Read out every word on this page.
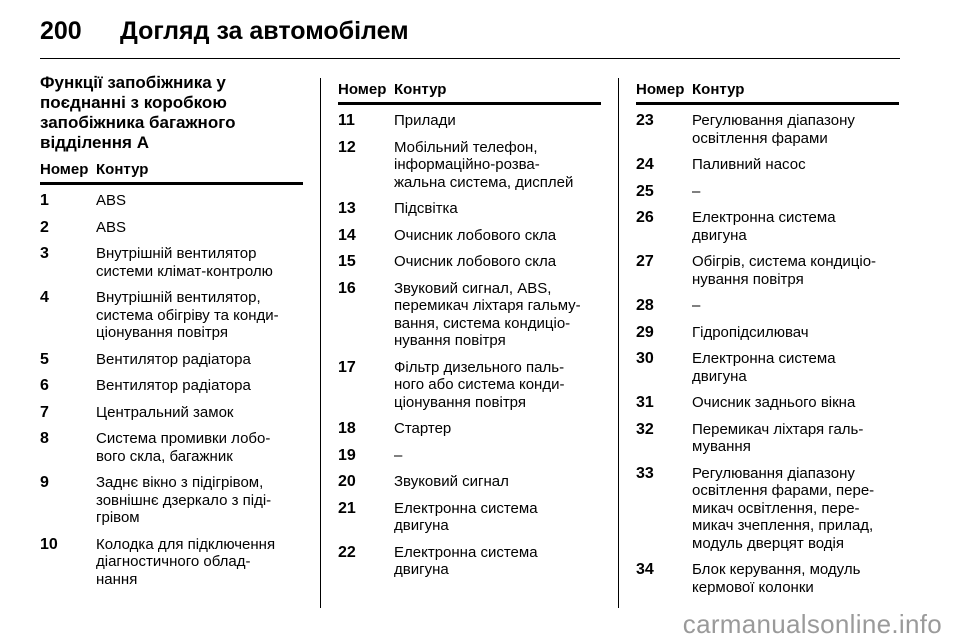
200	Догляд за автомобілем
Функції запобіжника у
поєднанні з коробкою
запобіжника багажного
відділення A
Номер Контур
1	ABS
2	ABS
3	Внутрішній вентилятор
системи клімат-контролю
4	Внутрішній вентилятор,
система обігріву та конди-
ціонування повітря
5	Вентилятор радіатора
6	Вентилятор радіатора
7	Центральний замок
8	Система промивки лобо-
вого скла, багажник
9	Заднє вікно з підігрівом,
зовнішнє дзеркало з піді-
грівом
10	Колодка для підключення
діагностичного облад-
нання
Номер Контур
11	Прилади
12	Мобільний телефон,
інформаційно-розва-
жальна система, дисплей
13	Підсвітка
14	Очисник лобового скла
15	Очисник лобового скла
16	Звуковий сигнал, ABS,
перемикач ліхтаря гальму-
вання, система кондиціо-
нування повітря
17	Фільтр дизельного паль-
ного або система конди-
ціонування повітря
18	Стартер
19	–
20	Звуковий сигнал
21	Електронна система
двигуна
22	Електронна система
двигуна
Номер Контур
23	Регулювання діапазону
освітлення фарами
24	Паливний насос
25	–
26	Електронна система
двигуна
27	Обігрів, система кондиціо-
нування повітря
28	–
29	Гідропідсилювач
30	Електронна система
двигуна
31	Очисник заднього вікна
32	Перемикач ліхтаря галь-
мування
33	Регулювання діапазону
освітлення фарами, пере-
микач освітлення, пере-
микач зчеплення, прилад,
модуль дверцят водія
34	Блок керування, модуль
кермової колонки
carmanualsonline.info
